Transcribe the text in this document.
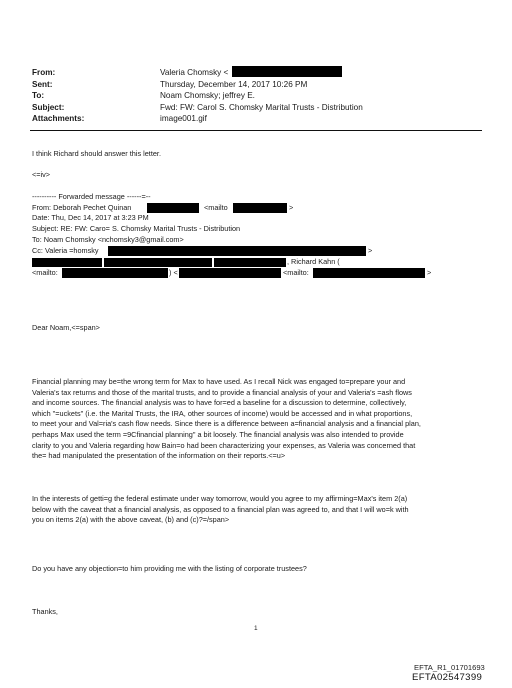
From:	Valeria Chomsky <
Sent:	Thursday, December 14, 2017 10:26 PM
To:	Noam Chomsky; jeffrey E.
Subject:	Fwd: FW: Carol S. Chomsky Marital Trusts - Distribution
Attachments:	image001.gif
I think Richard should answer this letter.
<=iv>
---------- Forwarded message ------=--
From: Deborah Pechet Quinan	<mailto	>
Date: Thu, Dec 14, 2017 at 3:23 PM
Subject: RE: FW: Caro= S. Chomsky Marital Trusts - Distribution
To: Noam Chomsky <nchomsky3@gmail.com>
Cc: Valeria =homsky	>
, Richard Kahn (
<mailto:	) <	<mailto:	>
Dear Noam,<=span>
Financial planning may be=the wrong term for Max to have used. As I recall Nick was engaged to=prepare your and
Valeria's tax returns and those of the marital trusts, and to provide a financial analysis of your and Valeria's =ash flows
and income sources. The financial analysis was to have for=ed a baseline for a discussion to determine, collectively,
which "=uckets" (i.e. the Marital Trusts, the IRA, other sources of income) would be accessed and in what proportions,
to meet your and Val=ria's cash flow needs. Since there is a difference between a=financial analysis and a financial plan,
perhaps Max used the term =9Cfinancial planning" a bit loosely. The financial analysis was also intended to provide
clarity to you and Valeria regarding how Bain=o had been characterizing your expenses, as Valeria was concerned that
the= had manipulated the presentation of the information on their reports.<=u>
In the interests of getti=g the federal estimate under way tomorrow, would you agree to my affirming=Max's item 2(a)
below with the caveat that a financial analysis, as opposed to a financial plan was agreed to, and that I will wo=k with
you on items 2(a) with the above caveat, (b) and (c)?=/span>
Do you have any objection=to him providing me with the listing of corporate trustees?
Thanks,
1
EFTA_R1_01701693
EFTA02547399
